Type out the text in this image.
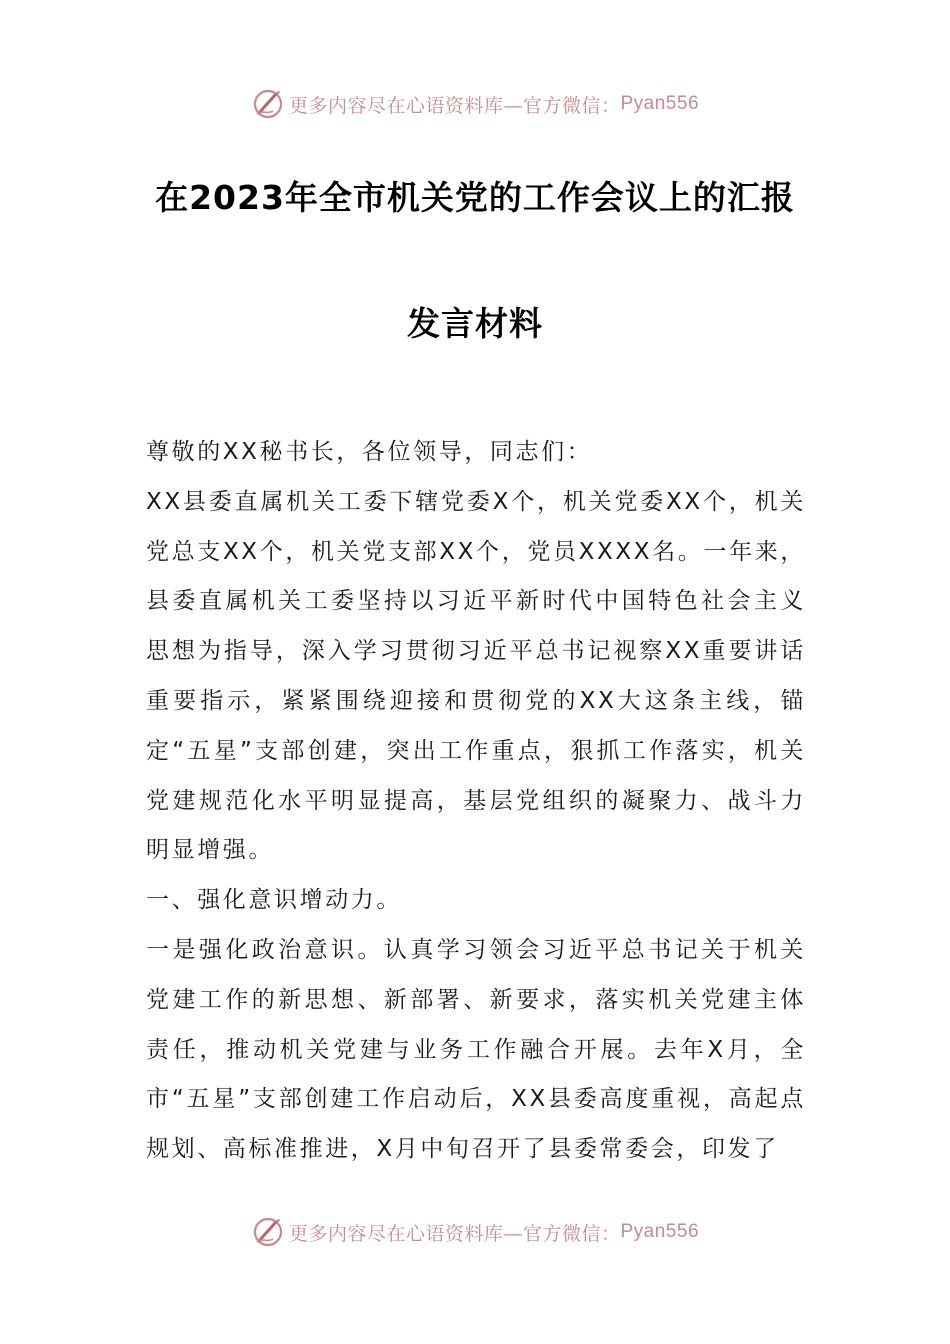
更多内容尽在心语资料库—官方微信： Pyan556
在2023年全市机关党的工作会议上的汇报
发言材料

尊敬的XX秘书长，各位领导，同志们：

XX县委直属机关工委下辖党委X个，机关党委XX个，机关党总支XX个，机关党支部XX个，党员XXXX名。一年来，县委直属机关工委坚持以习近平新时代中国特色社会主义思想为指导，深入学习贯彻习近平总书记视察XX重要讲话重要指示，紧紧围绕迎接和贯彻党的XX大这条主线，锚定“五星”支部创建，突出工作重点，狠抓工作落实，机关党建规范化水平明显提高，基层党组织的凝聚力、战斗力明显增强。

一、强化意识增动力。

一是强化政治意识。认真学习领会习近平总书记关于机关党建工作的新思想、新部署、新要求，落实机关党建主体责任，推动机关党建与业务工作融合开展。去年X月，全市“五星”支部创建工作启动后，XX县委高度重视，高起点规划、高标准推进，X月中旬召开了县委常委会，印发了

更多内容尽在心语资料库—官方微信： Pyan556
